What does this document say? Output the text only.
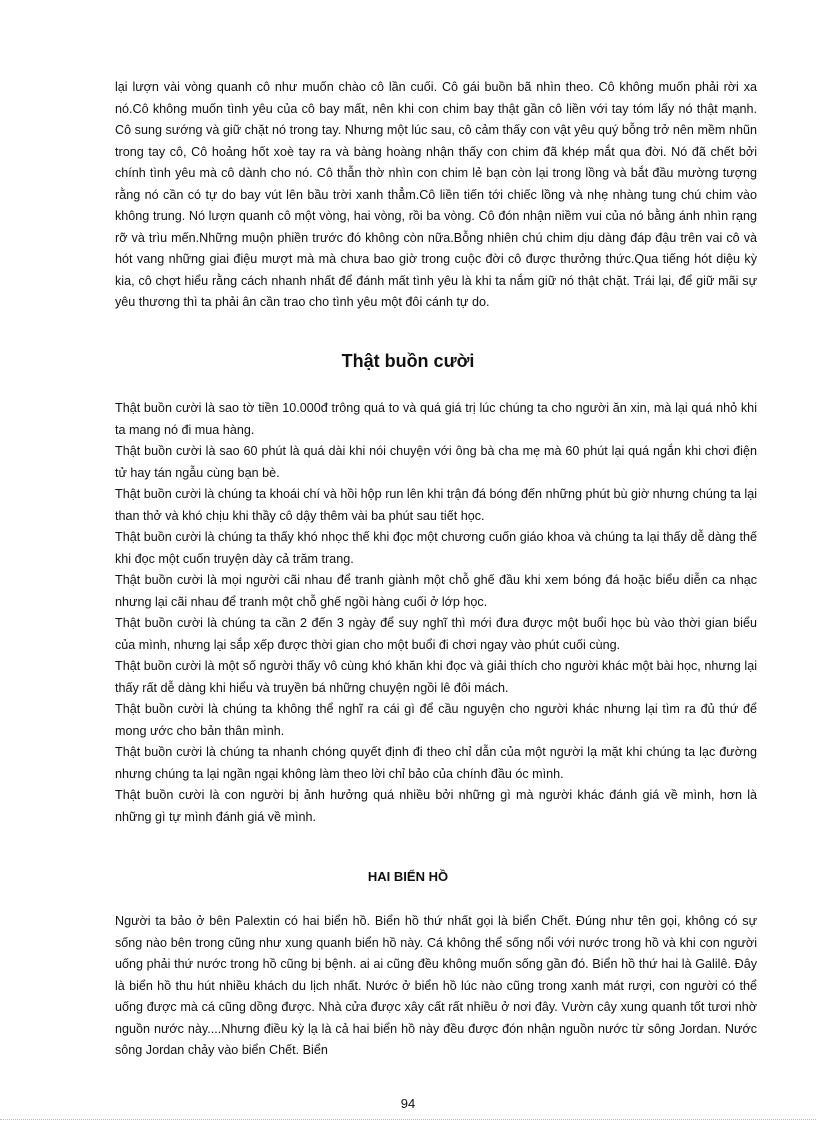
lại lượn vài vòng quanh cô như muốn chào cô lần cuối. Cô gái buồn bã nhìn theo. Cô không muốn phải rời xa nó.Cô không muốn tình yêu của cô bay mất, nên khi con chim bay thật gần cô liền với tay tóm lấy nó thật mạnh. Cô sung sướng và giữ chặt nó trong tay. Nhưng một lúc sau, cô cảm thấy con vật yêu quý bỗng trở nên mềm nhũn trong tay cô, Cô hoảng hốt xoè tay ra và bàng hoàng nhận thấy con chim đã khép mắt qua đời. Nó đã chết bởi chính tình yêu mà cô dành cho nó. Cô thẫn thờ nhìn con chim lẻ bạn còn lại trong lồng và bắt đầu mường tượng rằng nó cần có tự do bay vút lên bầu trời xanh thẳm.Cô liền tiến tới chiếc lồng và nhẹ nhàng tung chú chim vào không trung. Nó lượn quanh cô một vòng, hai vòng, rồi ba vòng. Cô đón nhận niềm vui của nó bằng ánh nhìn rạng rỡ và trìu mến.Những muộn phiền trước đó không còn nữa.Bỗng nhiên chú chim dịu dàng đáp đậu trên vai cô và hót vang những giai điệu mượt mà mà chưa bao giờ trong cuộc đời cô được thưởng thức.Qua tiếng hót diệu kỳ kia, cô chợt hiểu rằng cách nhanh nhất để đánh mất tình yêu là khi ta nắm giữ nó thật chặt. Trái lại, để giữ mãi sự yêu thương thì ta phải ân cần trao cho tình yêu một đôi cánh tự do.

Thật buồn cười

Thật buồn cười là sao tờ tiền 10.000đ trông quá to và quá giá trị lúc chúng ta cho người ăn xin, mà lại quá nhỏ khi ta mang nó đi mua hàng.

Thật buồn cười là sao 60 phút là quá dài khi nói chuyện với ông bà cha mẹ mà 60 phút lại quá ngắn khi chơi điện tử hay tán ngẫu cùng bạn bè.

Thật buồn cười là chúng ta khoái chí và hồi hộp run lên khi trận đá bóng đến những phút bù giờ nhưng chúng ta lại than thở và khó chịu khi thầy cô dậy thêm vài ba phút sau tiết học.

Thật buồn cười là chúng ta thấy khó nhọc thế khi đọc một chương cuốn giáo khoa và chúng ta lại thấy dễ dàng thế khi đọc một cuốn truyện dày cả trăm trang.

Thật buồn cười là mọi người cãi nhau để tranh giành một chỗ ghế đầu khi xem bóng đá hoặc biểu diễn ca nhạc nhưng lại cãi nhau để tranh một chỗ ghế ngồi hàng cuối ở lớp học.

Thật buồn cười là chúng ta cần 2 đến 3 ngày để suy nghĩ thì mới đưa được một buổi học bù vào thời gian biểu của mình, nhưng lại sắp xếp được thời gian cho một buổi đi chơi ngay vào phút cuối cùng.

Thật buồn cười là một số người thấy vô cùng khó khăn khi đọc và giải thích cho người khác một bài học, nhưng lại thấy rất dễ dàng khi hiểu và truyền bá những chuyện ngồi lê đôi mách.

Thật buồn cười là chúng ta không thể nghĩ ra cái gì để cầu nguyện cho người khác nhưng lại tìm ra đủ thứ để mong ước cho bản thân mình.

Thật buồn cười là chúng ta nhanh chóng quyết định đi theo chỉ dẫn của một người lạ mặt khi chúng ta lạc đường nhưng chúng ta lại ngần ngại không làm theo lời chỉ bảo của chính đầu óc mình.

Thật buồn cười là con người bị ảnh hưởng quá nhiều bởi những gì mà người khác đánh giá về mình, hơn là những gì tự mình đánh giá về mình.

HAI BIỂN HỒ

Người ta bảo ở bên Palextin có hai biển hồ. Biển hồ thứ nhất gọi là biển Chết. Đúng như tên gọi, không có sự sống nào bên trong cũng như xung quanh biển hồ này. Cá không thể sống nổi với nước trong hồ và khi con người uống phải thứ nước trong hồ cũng bị bệnh. ai ai cũng đều không muốn sống gần đó. Biển hồ thứ hai là Galilê. Đây là biển hồ thu hút nhiều khách du lịch nhất. Nước ở biển hồ lúc nào cũng trong xanh mát rượi, con người có thể uống được mà cá cũng dồng được. Nhà cửa được xây cất rất nhiều ở nơi đây. Vườn cây xung quanh tốt tươi nhờ nguồn nước này....Nhưng điều kỳ lạ là cả hai biển hồ này đều được đón nhận nguồn nước từ sông Jordan. Nước sông Jordan chảy vào biển Chết. Biển

94
